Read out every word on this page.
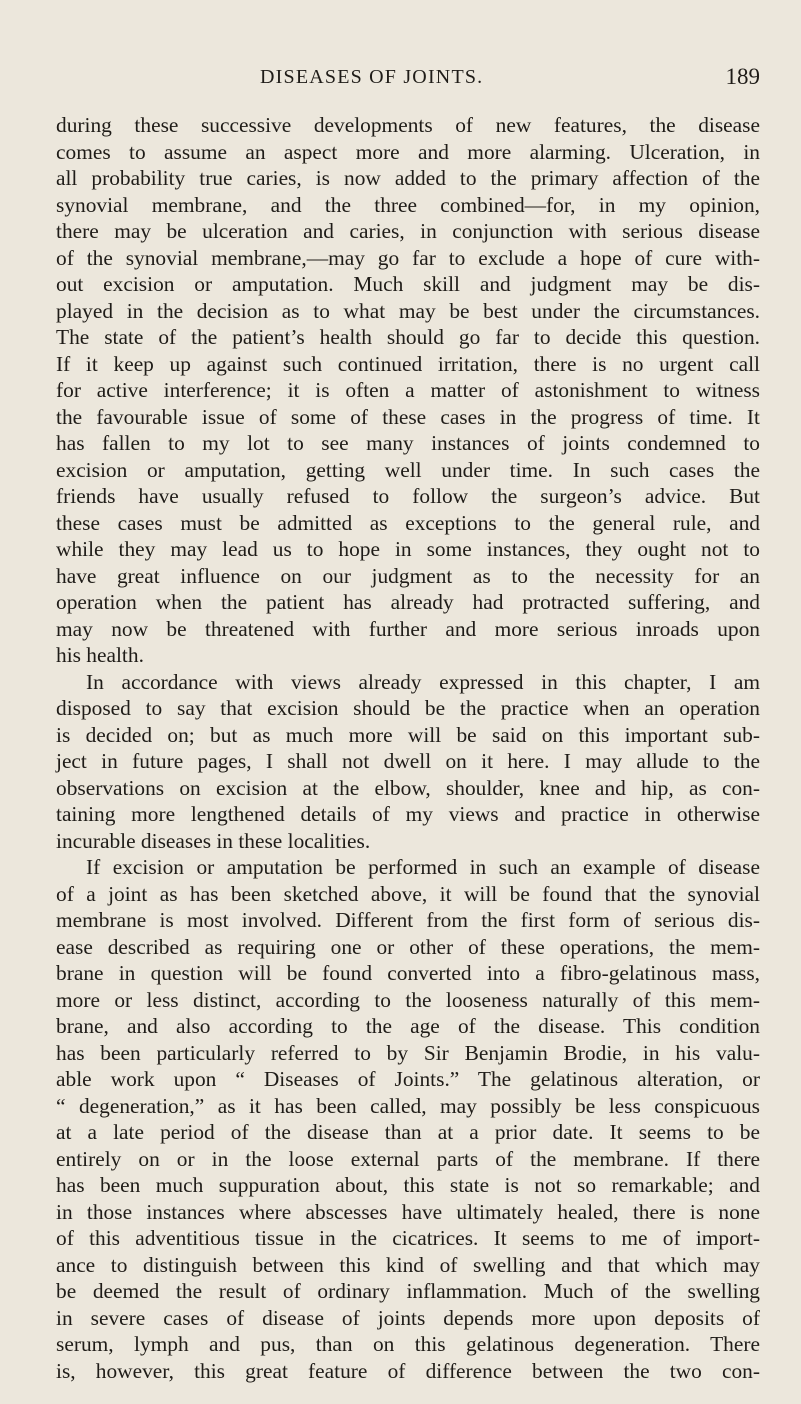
DISEASES OF JOINTS.	189
during these successive developments of new features, the disease
comes to assume an aspect more and more alarming. Ulceration, in
all probability true caries, is now added to the primary affection of the
synovial membrane, and the three combined—for, in my opinion,
there may be ulceration and caries, in conjunction with serious disease
of the synovial membrane,—may go far to exclude a hope of cure with-
out excision or amputation. Much skill and judgment may be dis-
played in the decision as to what may be best under the circumstances.
The state of the patient’s health should go far to decide this question.
If it keep up against such continued irritation, there is no urgent call
for active interference; it is often a matter of astonishment to witness
the favourable issue of some of these cases in the progress of time. It
has fallen to my lot to see many instances of joints condemned to
excision or amputation, getting well under time. In such cases the
friends have usually refused to follow the surgeon’s advice. But
these cases must be admitted as exceptions to the general rule, and
while they may lead us to hope in some instances, they ought not to
have great influence on our judgment as to the necessity for an
operation when the patient has already had protracted suffering, and
may now be threatened with further and more serious inroads upon
his health.
In accordance with views already expressed in this chapter, I am
disposed to say that excision should be the practice when an operation
is decided on; but as much more will be said on this important sub-
ject in future pages, I shall not dwell on it here. I may allude to the
observations on excision at the elbow, shoulder, knee and hip, as con-
taining more lengthened details of my views and practice in otherwise
incurable diseases in these localities.
If excision or amputation be performed in such an example of disease
of a joint as has been sketched above, it will be found that the synovial
membrane is most involved. Different from the first form of serious dis-
ease described as requiring one or other of these operations, the mem-
brane in question will be found converted into a fibro-gelatinous mass,
more or less distinct, according to the looseness naturally of this mem-
brane, and also according to the age of the disease. This condition
has been particularly referred to by Sir Benjamin Brodie, in his valu-
able work upon “ Diseases of Joints.” The gelatinous alteration, or
“ degeneration,” as it has been called, may possibly be less conspicuous
at a late period of the disease than at a prior date. It seems to be
entirely on or in the loose external parts of the membrane. If there
has been much suppuration about, this state is not so remarkable; and
in those instances where abscesses have ultimately healed, there is none
of this adventitious tissue in the cicatrices. It seems to me of import-
ance to distinguish between this kind of swelling and that which may
be deemed the result of ordinary inflammation. Much of the swelling
in severe cases of disease of joints depends more upon deposits of
serum, lymph and pus, than on this gelatinous degeneration. There
is, however, this great feature of difference between the two con-
